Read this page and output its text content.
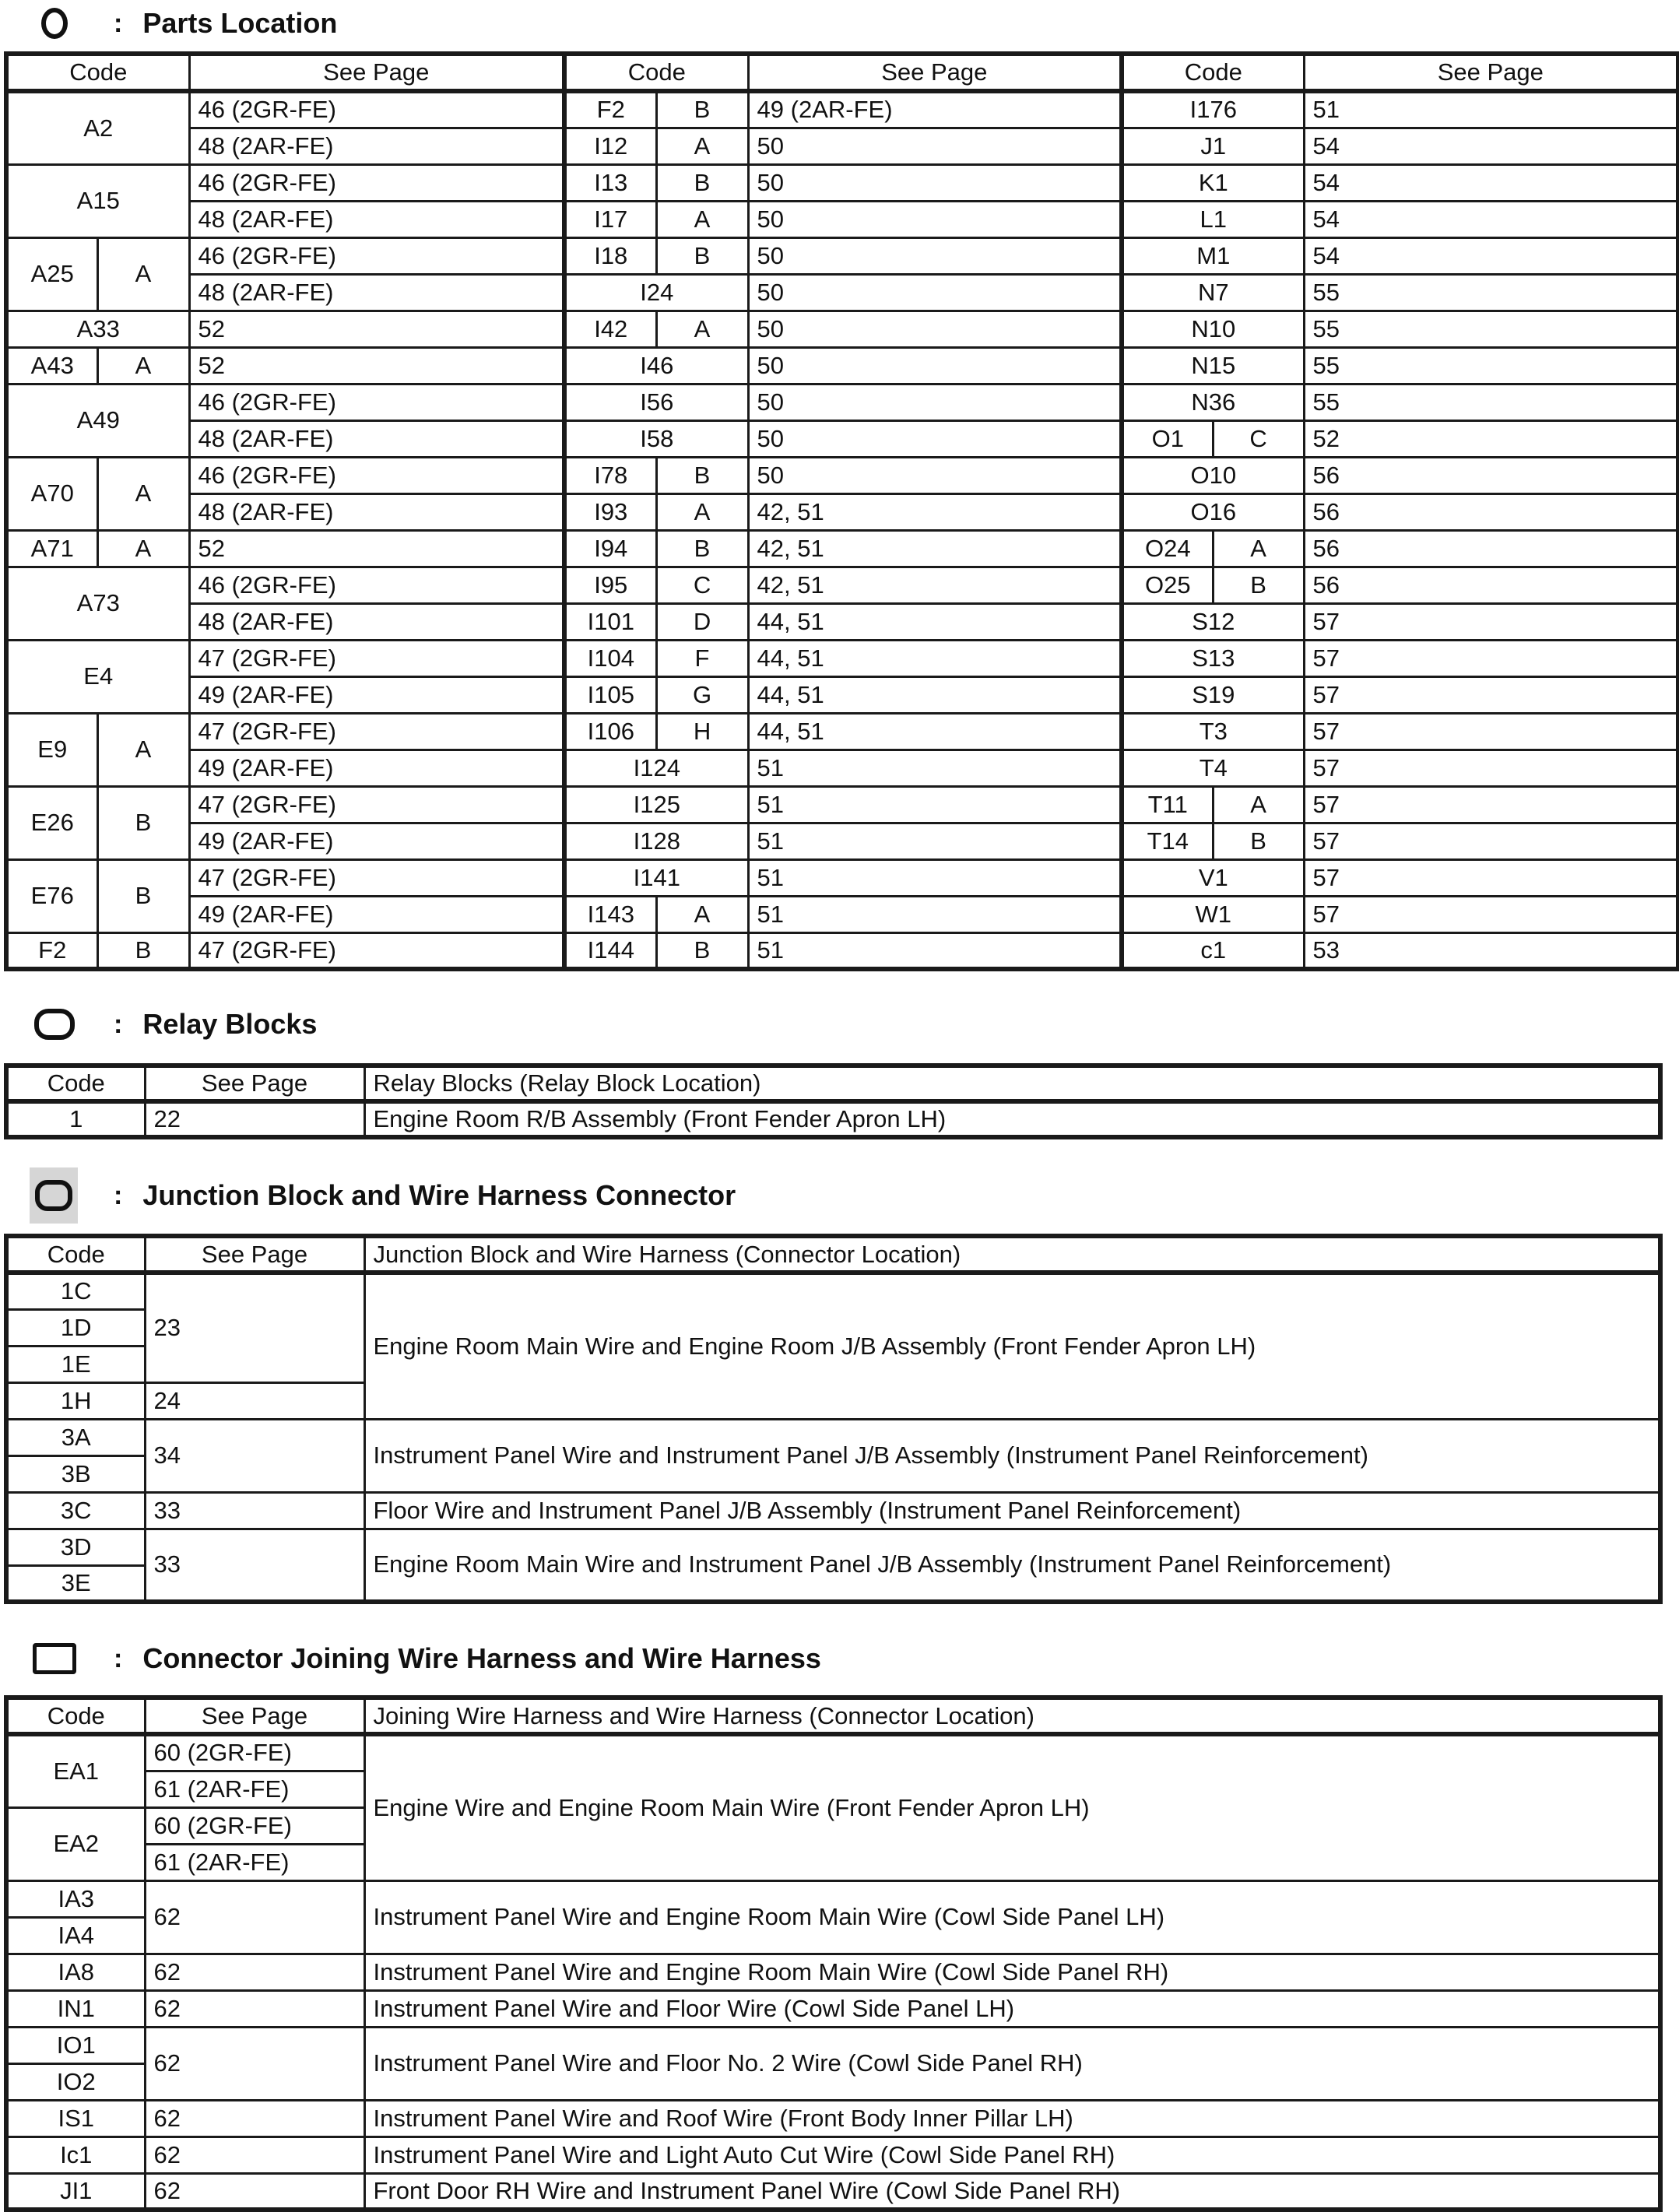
: Parts Location
Code		See Page	Code		See Page	Code		See Page
A2		46 (2GR-FE)	F2	B	49 (2AR-FE)	I176		51
		48 (2AR-FE)	I12	A	50	J1		54
A15		46 (2GR-FE)	I13	B	50	K1		54
		48 (2AR-FE)	I17	A	50	L1		54
A25	A	46 (2GR-FE)	I18	B	50	M1		54
		48 (2AR-FE)	I24		50	N7		55
A33		52	I42	A	50	N10		55
A43	A	52	I46		50	N15		55
A49		46 (2GR-FE)	I56		50	N36		55
		48 (2AR-FE)	I58		50	O1	C	52
A70	A	46 (2GR-FE)	I78	B	50	O10		56
		48 (2AR-FE)	I93	A	42, 51	O16		56
A71	A	52	I94	B	42, 51	O24	A	56
A73		46 (2GR-FE)	I95	C	42, 51	O25	B	56
		48 (2AR-FE)	I101	D	44, 51	S12		57
E4		47 (2GR-FE)	I104	F	44, 51	S13		57
		49 (2AR-FE)	I105	G	44, 51	S19		57
E9	A	47 (2GR-FE)	I106	H	44, 51	T3		57
		49 (2AR-FE)	I124		51	T4		57
E26	B	47 (2GR-FE)	I125		51	T11	A	57
		49 (2AR-FE)	I128		51	T14	B	57
E76	B	47 (2GR-FE)	I141		51	V1		57
		49 (2AR-FE)	I143	A	51	W1		57
F2	B	47 (2GR-FE)	I144	B	51	c1		53
: Relay Blocks
Code	See Page	Relay Blocks (Relay Block Location)
1	22	Engine Room R/B Assembly (Front Fender Apron LH)
: Junction Block and Wire Harness Connector
Code	See Page	Junction Block and Wire Harness (Connector Location)
1C	23	Engine Room Main Wire and Engine Room J/B Assembly (Front Fender Apron LH)
1D		
1E		
1H	24	
3A	34	Instrument Panel Wire and Instrument Panel J/B Assembly (Instrument Panel Reinforcement)
3B		
3C	33	Floor Wire and Instrument Panel J/B Assembly (Instrument Panel Reinforcement)
3D	33	Engine Room Main Wire and Instrument Panel J/B Assembly (Instrument Panel Reinforcement)
3E		
: Connector Joining Wire Harness and Wire Harness
Code	See Page	Joining Wire Harness and Wire Harness (Connector Location)
EA1	60 (2GR-FE)	Engine Wire and Engine Room Main Wire (Front Fender Apron LH)
	61 (2AR-FE)	
EA2	60 (2GR-FE)	
	61 (2AR-FE)	
IA3	62	Instrument Panel Wire and Engine Room Main Wire (Cowl Side Panel LH)
IA4		
IA8	62	Instrument Panel Wire and Engine Room Main Wire (Cowl Side Panel RH)
IN1	62	Instrument Panel Wire and Floor Wire (Cowl Side Panel LH)
IO1	62	Instrument Panel Wire and Floor No. 2 Wire (Cowl Side Panel RH)
IO2		
IS1	62	Instrument Panel Wire and Roof Wire (Front Body Inner Pillar LH)
Ic1	62	Instrument Panel Wire and Light Auto Cut Wire (Cowl Side Panel RH)
JI1	62	Front Door RH Wire and Instrument Panel Wire (Cowl Side Panel RH)
